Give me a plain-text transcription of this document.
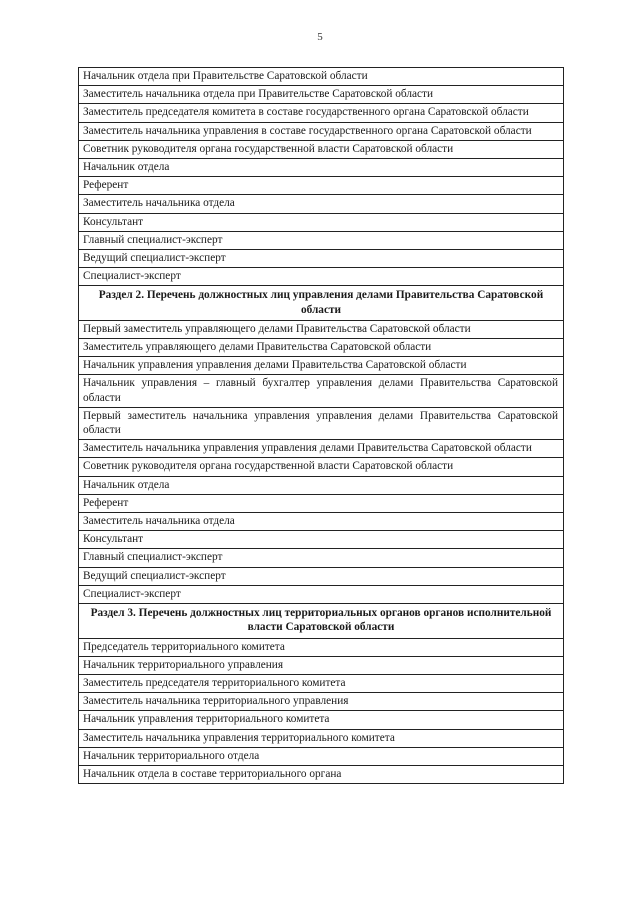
5
Начальник отдела при Правительстве Саратовской области
Заместитель начальника отдела при Правительстве Саратовской области
Заместитель председателя комитета в составе государственного органа Саратовской области
Заместитель начальника управления в составе государственного органа Саратовской области
Советник руководителя органа государственной власти Саратовской области
Начальник отдела
Референт
Заместитель начальника отдела
Консультант
Главный специалист-эксперт
Ведущий специалист-эксперт
Специалист-эксперт
Раздел 2. Перечень должностных лиц управления делами Правительства Саратовской области
Первый заместитель управляющего делами Правительства Саратовской области
Заместитель управляющего делами Правительства Саратовской области
Начальник управления управления делами Правительства Саратовской области
Начальник управления – главный бухгалтер управления делами Правительства Саратовской области
Первый заместитель начальника управления управления делами Правительства Саратовской области
Заместитель начальника управления управления делами Правительства Саратовской области
Советник руководителя органа государственной власти Саратовской области
Начальник отдела
Референт
Заместитель начальника отдела
Консультант
Главный специалист-эксперт
Ведущий специалист-эксперт
Специалист-эксперт
Раздел 3. Перечень должностных лиц территориальных органов органов исполнительной власти Саратовской области
Председатель территориального комитета
Начальник территориального управления
Заместитель председателя территориального комитета
Заместитель начальника территориального управления
Начальник управления территориального комитета
Заместитель начальника управления территориального комитета
Начальник территориального отдела
Начальник отдела в составе территориального органа
